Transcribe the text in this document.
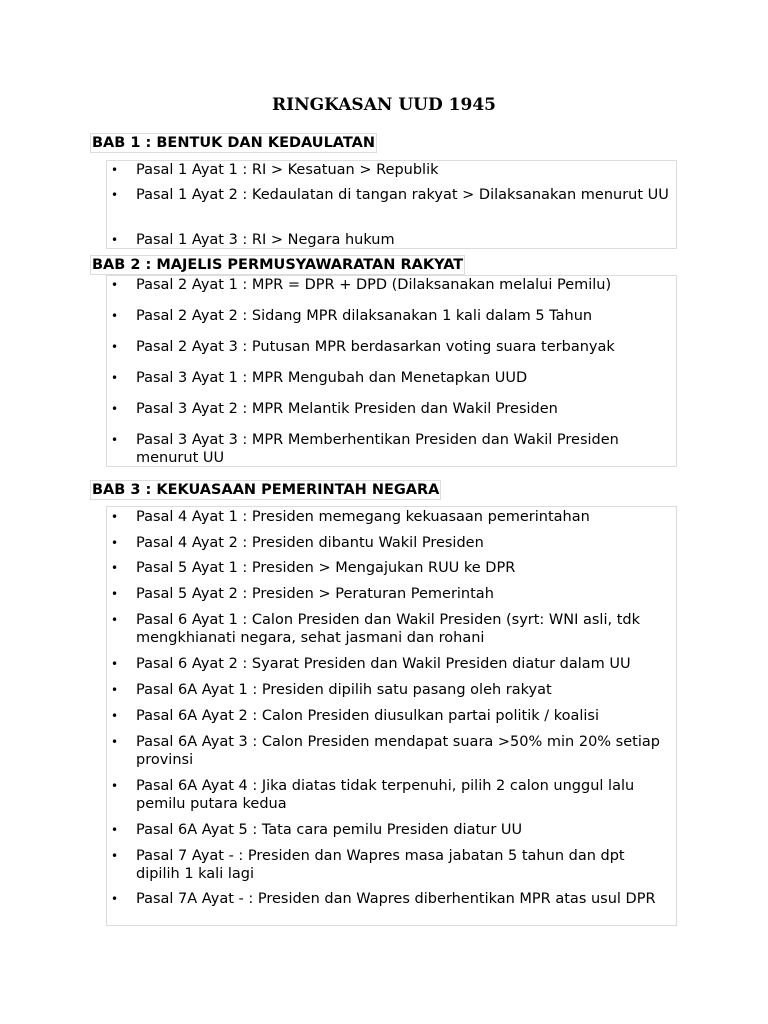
RINGKASAN UUD 1945
BAB 1 : BENTUK DAN KEDAULATAN
• Pasal 1 Ayat 1 : RI > Kesatuan > Republik
• Pasal 1 Ayat 2 : Kedaulatan di tangan rakyat > Dilaksanakan menurut UU
• Pasal 1 Ayat 3 : RI > Negara hukum
BAB 2 : MAJELIS PERMUSYAWARATAN RAKYAT
• Pasal 2 Ayat 1 : MPR = DPR + DPD (Dilaksanakan melalui Pemilu)
• Pasal 2 Ayat 2 : Sidang MPR dilaksanakan 1 kali dalam 5 Tahun
• Pasal 2 Ayat 3 : Putusan MPR berdasarkan voting suara terbanyak
• Pasal 3 Ayat 1 : MPR Mengubah dan Menetapkan UUD
• Pasal 3 Ayat 2 : MPR Melantik Presiden dan Wakil Presiden
• Pasal 3 Ayat 3 : MPR Memberhentikan Presiden dan Wakil Presiden menurut UU
BAB 3 : KEKUASAAN PEMERINTAH NEGARA
• Pasal 4 Ayat 1 : Presiden memegang kekuasaan pemerintahan
• Pasal 4 Ayat 2 : Presiden dibantu Wakil Presiden
• Pasal 5 Ayat 1 : Presiden > Mengajukan RUU ke DPR
• Pasal 5 Ayat 2 : Presiden > Peraturan Pemerintah
• Pasal 6 Ayat 1 : Calon Presiden dan Wakil Presiden (syrt: WNI asli, tdk mengkhianati negara, sehat jasmani dan rohani
• Pasal 6 Ayat 2 : Syarat Presiden dan Wakil Presiden diatur dalam UU
• Pasal 6A Ayat 1 : Presiden dipilih satu pasang oleh rakyat
• Pasal 6A Ayat 2 : Calon Presiden diusulkan partai politik / koalisi
• Pasal 6A Ayat 3 : Calon Presiden mendapat suara >50% min 20% setiap provinsi
• Pasal 6A Ayat 4 : Jika diatas tidak terpenuhi, pilih 2 calon unggul lalu pemilu putara kedua
• Pasal 6A Ayat 5 : Tata cara pemilu Presiden diatur UU
• Pasal 7 Ayat - : Presiden dan Wapres masa jabatan 5 tahun dan dpt dipilih 1 kali lagi
• Pasal 7A Ayat - : Presiden dan Wapres diberhentikan MPR atas usul DPR
